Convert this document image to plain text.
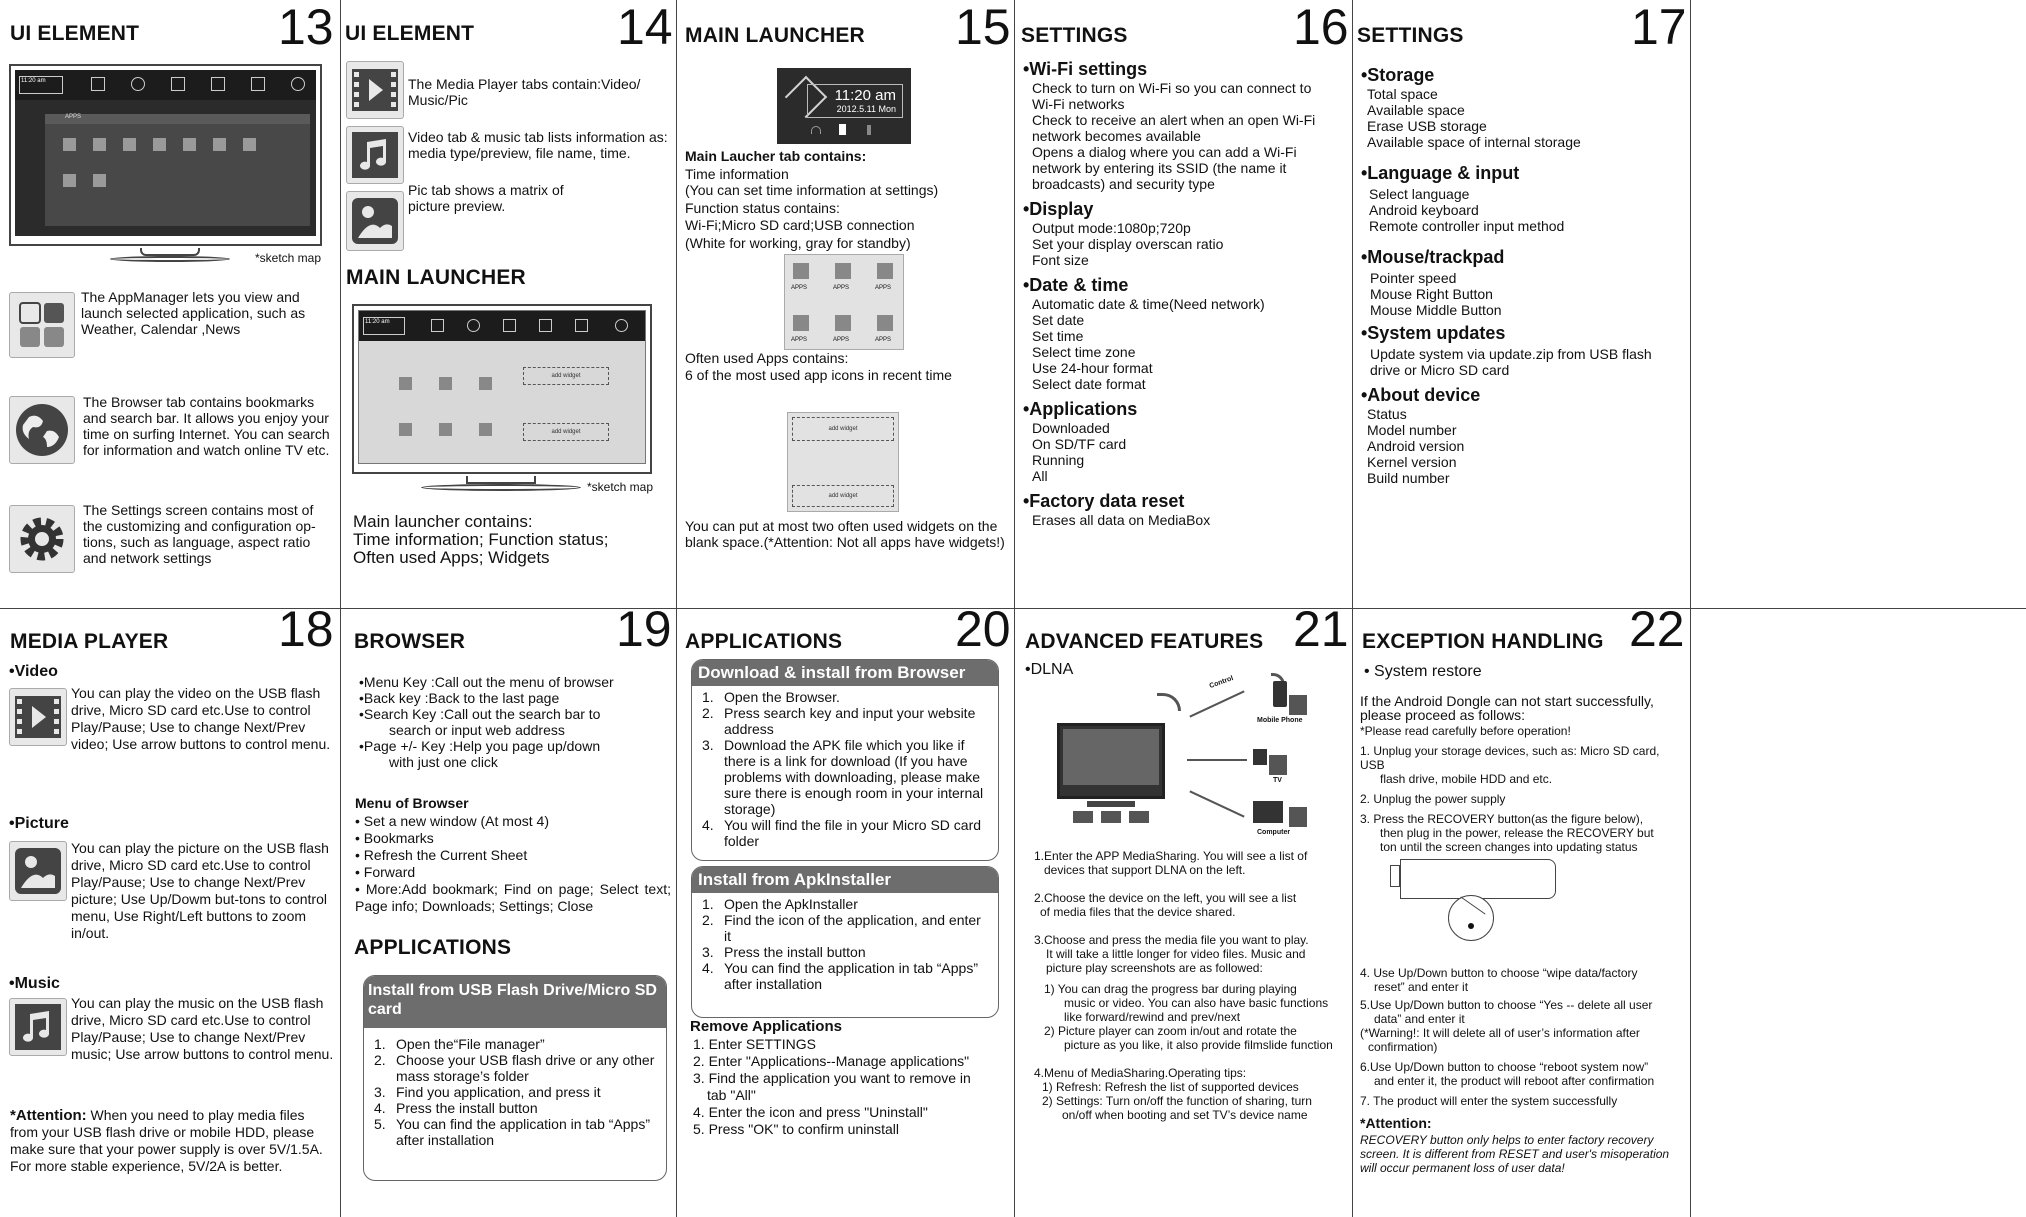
UI ELEMENT	13
11:20 am
APPS
*sketch map
The AppManager lets you view and launch selected application, such as Weather, Calendar ,News
The Browser tab contains bookmarks and search bar. It allows you enjoy your time on surfing Internet. You can search for information and watch online TV etc.
The Settings screen contains most of the customizing and configuration op-tions, such as language, aspect ratio and network settings
UI ELEMENT	14
The Media Player tabs contain:Video/ Music/Pic
Video tab & music tab lists information as: media type/preview, file name, time.
Pic tab shows a matrix of picture preview.
MAIN LAUNCHER
11:20 am
add widget
add widget
*sketch map
Main launcher contains:
Time information; Function status;
Often used Apps; Widgets
MAIN LAUNCHER 15
11:20 am
2012.5.11 Mon
Main Laucher tab contains:
Time information
(You can set time information at settings)
Function status contains:
Wi-Fi;Micro SD card;USB connection
(White for working, gray for standby)
APPS	APPS	APPS
APPS	APPS	APPS
Often used Apps contains:
6 of the most used app icons in recent time
add widget
add widget
You can put at most two often used widgets on the blank space.(*Attention: Not all apps have widgets!)
SETTINGS	16
•Wi-Fi settings
Check to turn on Wi-Fi so you can connect to
Wi-Fi networks
Check to receive an alert when an open Wi-Fi
network becomes available
Opens a dialog where you can add a Wi-Fi
network by entering its SSID (the name it
broadcasts) and security type
•Display
Output mode:1080p;720p
Set your display overscan ratio
Font size
•Date & time
Automatic date & time(Need network)
Set date
Set time
Select time zone
Use 24-hour format
Select date format
•Applications
Downloaded
On SD/TF card
Running
All
•Factory data reset
Erases all data on MediaBox
SETTINGS	17
•Storage
Total space
Available space
Erase USB storage
Available space of internal storage
•Language & input
Select language
Android keyboard
Remote controller input method
•Mouse/trackpad
Pointer speed
Mouse Right Button
Mouse Middle Button
•System updates
Update system via update.zip from USB flash
drive or Micro SD card
•About device
Status
Model number
Android version
Kernel version
Build number
MEDIA PLAYER 18
•Video
You can play the video on the USB flash drive, Micro SD card etc.Use to control Play/Pause; Use to change Next/Prev video; Use arrow buttons to control menu.
•Picture
You can play the picture on the USB flash drive, Micro SD card etc.Use to control Play/Pause; Use to change Next/Prev picture; Use Up/Dowm but-tons to control menu, Use Right/Left buttons to zoom in/out.
•Music
You can play the music on the USB flash drive, Micro SD card etc.Use to control Play/Pause; Use to change Next/Prev music; Use arrow buttons to control menu.
*Attention: When you need to play media files from your USB flash drive or mobile HDD, please make sure that your power supply is over 5V/1.5A. For more stable experience, 5V/2A is better.
BROWSER	19
•Menu Key :Call out the menu of browser
•Back key :Back to the last page
•Search Key :Call out the search bar to
search or input web address
•Page +/- Key :Help you page up/down
with just one click
Menu of Browser
• Set a new window (At most 4)
• Bookmarks
• Refresh the Current Sheet
• Forward
• More:Add bookmark; Find on page; Select text; Page info; Downloads; Settings; Close
APPLICATIONS
Install from USB Flash Drive/Micro SD card
1. Open the“File manager”
2. Choose your USB flash drive or any other mass storage’s folder
3. Find you application, and press it
4. Press the install button
5. You can find the application in tab “Apps” after installation
APPLICATIONS 20
Download & install from Browser
1. Open the Browser.
2. Press search key and input your website address
3. Download the APK file which you like if there is a link for download (If you have problems with downloading, please make sure there is enough room in your internal storage)
4. You will find the file in your Micro SD card folder
Install from ApkInstaller
1. Open the ApkInstaller
2. Find the icon of the application, and enter it
3. Press the install button
4. You can find the application in tab “Apps” after installation
Remove Applications
1. Enter SETTINGS
2. Enter "Applications--Manage applications"
3. Find the application you want to remove in
tab "All"
4. Enter the icon and press "Uninstall"
5. Press "OK" to confirm uninstall
ADVANCED FEATURES 21
•DLNA
Mobile Phone
Control
TV
Computer
1.Enter the APP MediaSharing. You will see a list of
devices that support DLNA on the left.
2.Choose the device on the left, you will see a list
of media files that the device shared.
3.Choose and press the media file you want to play.
It will take a little longer for video files. Music and
picture play screenshots are as followed:
1) You can drag the progress bar during playing
music or video. You can also have basic functions
like forward/rewind and prev/next
2) Picture player can zoom in/out and rotate the
picture as you like, it also provide filmslide function
4.Menu of MediaSharing.Operating tips:
1) Refresh: Refresh the list of supported devices
2) Settings: Turn on/off the function of sharing, turn
on/off when booting and set TV’s device name
EXCEPTION HANDLING 22
• System restore
If the Android Dongle can not start successfully, please proceed as follows:
*Please read carefully before operation!
1. Unplug your storage devices, such as: Micro SD card, USB
flash drive, mobile HDD and etc.
2. Unplug the power supply
3. Press the RECOVERY button(as the figure below),
then plug in the power, release the RECOVERY but
ton until the screen changes into updating status
4. Use Up/Down button to choose “wipe data/factory
reset” and enter it
5.Use Up/Down button to choose “Yes -- delete all user
data” and enter it
(*Warning!: It will delete all of user’s information after
confirmation)
6.Use Up/Down button to choose “reboot system now”
and enter it, the product will reboot after confirmation
7. The product will enter the system successfully
*Attention:
RECOVERY button only helps to enter factory recovery screen. It is different from RESET and user's misoperation will occur permanent loss of user data!
